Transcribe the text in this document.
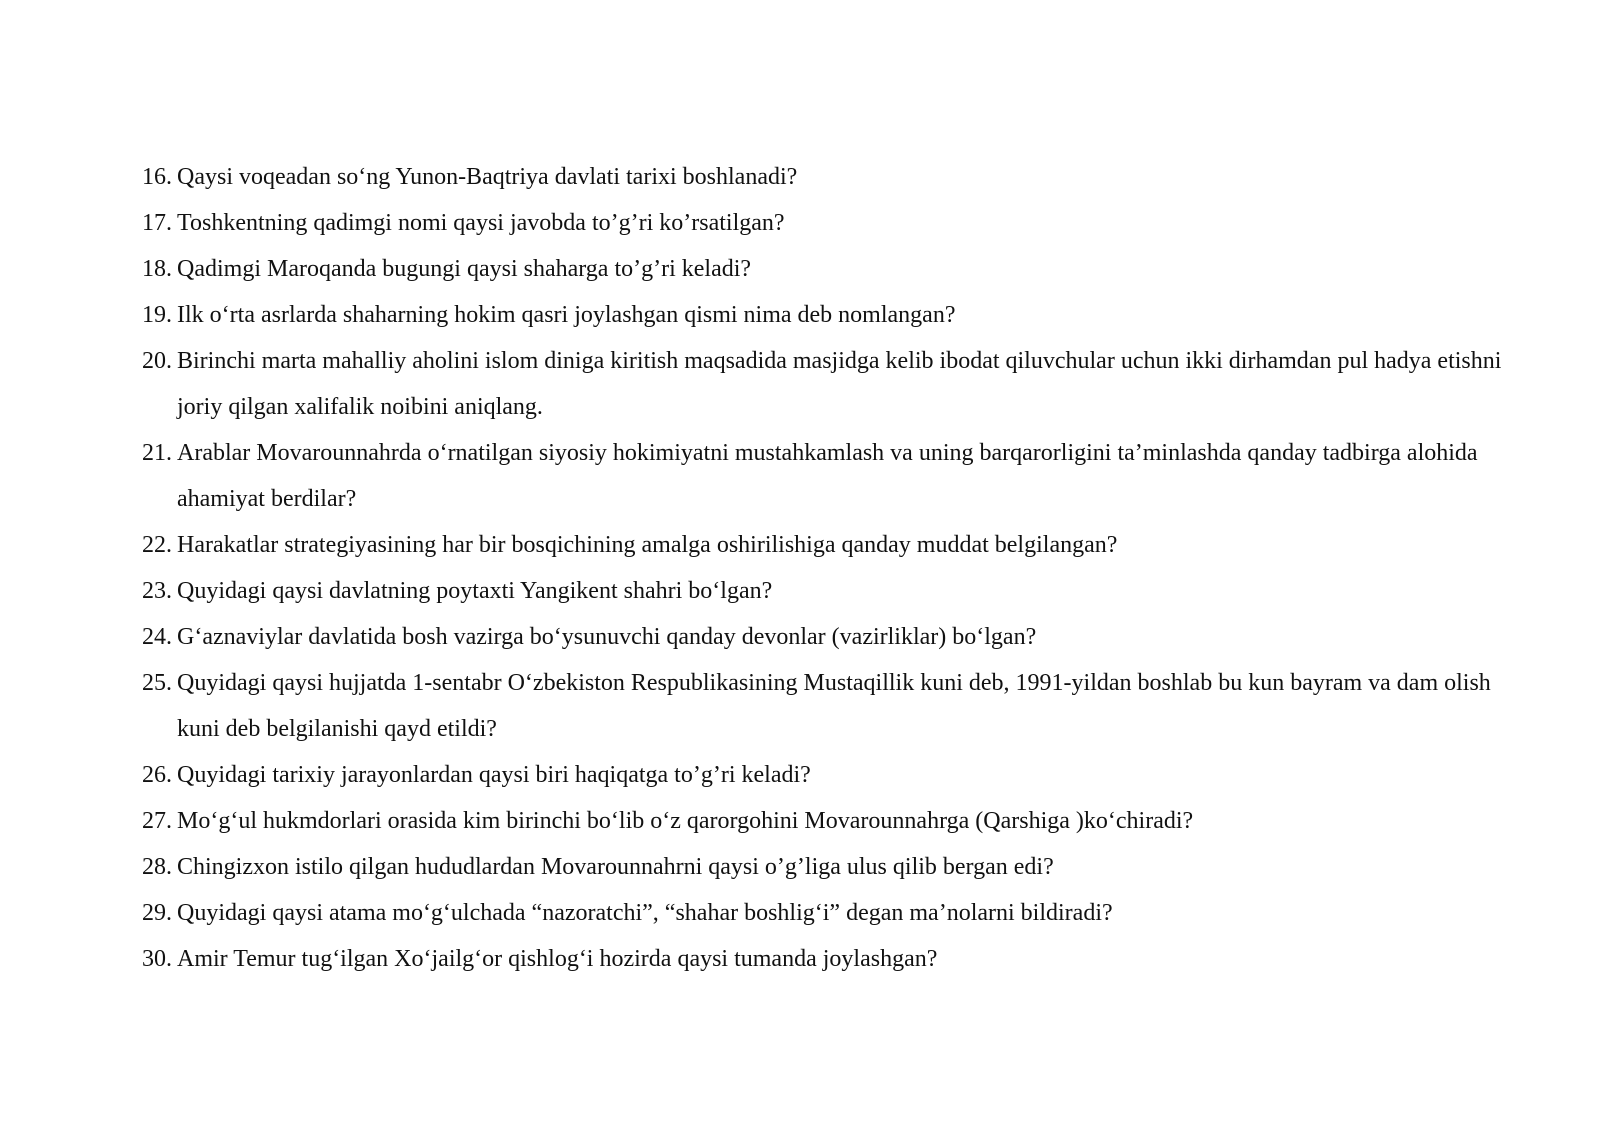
16. Qaysi voqeadan so‘ng Yunon-Baqtriya davlati tarixi boshlanadi?
17. Toshkentning qadimgi nomi qaysi javobda to’g’ri ko’rsatilgan?
18. Qadimgi Maroqanda bugungi qaysi shaharga to’g’ri keladi?
19. Ilk o‘rta asrlarda shaharning hokim qasri joylashgan qismi nima deb nomlangan?
20. Birinchi marta mahalliy aholini islom diniga kiritish maqsadida masjidga kelib ibodat qiluvchular uchun ikki dirhamdan pul hadya etishni joriy qilgan xalifalik noibini aniqlang.
21. Arablar Movarounnahrda o‘rnatilgan siyosiy hokimiyatni mustahkamlash va uning barqarorligini ta’minlashda qanday tadbirga alohida ahamiyat berdilar?
22. Harakatlar strategiyasining har bir bosqichining amalga oshirilishiga qanday muddat belgilangan?
23. Quyidagi qaysi davlatning poytaxti Yangikent shahri bo‘lgan?
24. G‘aznaviylar davlatida bosh vazirga bo‘ysunuvchi qanday devonlar (vazirliklar) bo‘lgan?
25. Quyidagi qaysi hujjatda 1-sentabr O‘zbekiston Respublikasining Mustaqillik kuni deb, 1991-yildan boshlab bu kun bayram va dam olish kuni deb belgilanishi qayd etildi?
26. Quyidagi tarixiy jarayonlardan qaysi biri haqiqatga to’g’ri keladi?
27. Mo‘g‘ul hukmdorlari orasida kim birinchi bo‘lib o‘z qarorgohini Movarounnahrga (Qarshiga )ko‘chiradi?
28. Chingizxon istilo qilgan hududlardan Movarounnahrni qaysi o’g’liga ulus qilib bergan edi?
29. Quyidagi qaysi atama mo‘g‘ulchada “nazoratchi”, “shahar boshlig‘i” degan ma’nolarni bildiradi?
30. Amir Temur tug‘ilgan Xo‘jailg‘or qishlog‘i hozirda qaysi tumanda joylashgan?
